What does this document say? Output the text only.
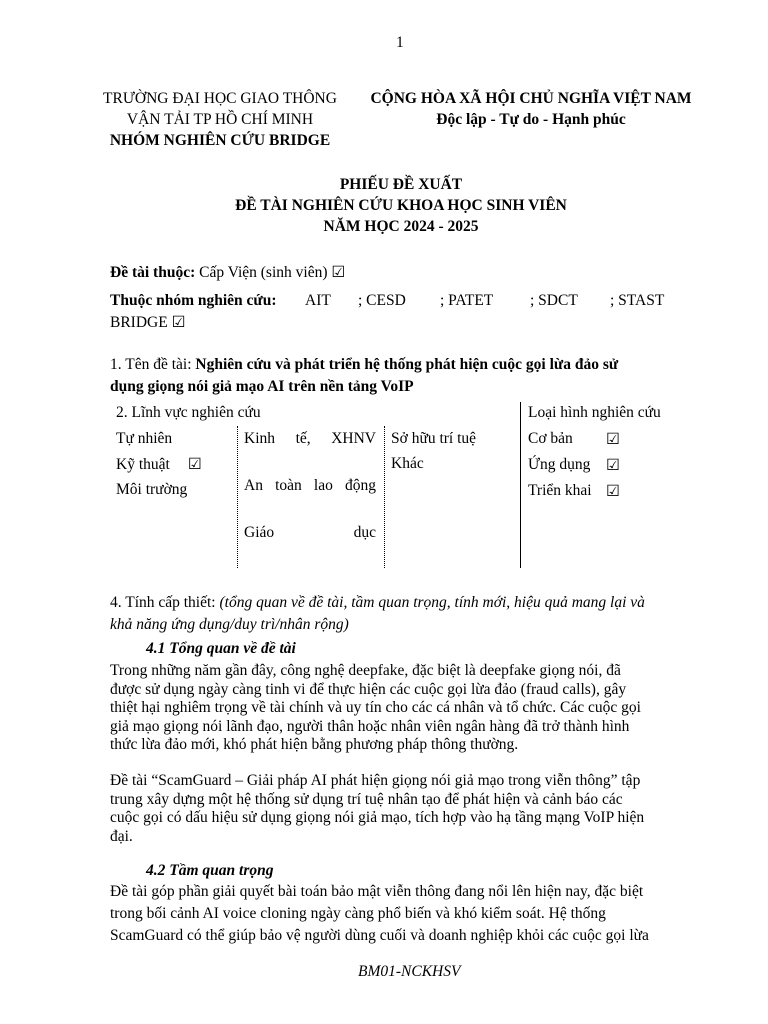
1
TRƯỜNG ĐẠI HỌC GIAO THÔNG
VẬN TẢI TP HỒ CHÍ MINH
NHÓM NGHIÊN CỨU BRIDGE
CỘNG HÒA XÃ HỘI CHỦ NGHĨA VIỆT NAM
Độc lập - Tự do - Hạnh phúc
PHIẾU ĐỀ XUẤT
ĐỀ TÀI NGHIÊN CỨU KHOA HỌC SINH VIÊN
NĂM HỌC 2024 - 2025
Đề tài thuộc: Cấp Viện (sinh viên) ☑
Thuộc nhóm nghiên cứu: AIT ; CESD ; PATET ; SDCT ; STAST
BRIDGE ☑
1. Tên đề tài: Nghiên cứu và phát triển hệ thống phát hiện cuộc gọi lừa đảo sử
dụng giọng nói giả mạo AI trên nền tảng VoIP
2. Lĩnh vực nghiên cứu	Loại hình nghiên cứu
Tự nhiên
Kỹ thuật ☑
Môi trường
Kinh tế, XHNV
An toàn lao động
Giáo	dục
Sở hữu trí tuệ
Khác
Cơ bản ☑
Ứng dụng ☑
Triển khai ☑
4. Tính cấp thiết: (tổng quan về đề tài, tầm quan trọng, tính mới, hiệu quả mang lại và
khả năng ứng dụng/duy trì/nhân rộng)
4.1 Tổng quan về đề tài
Trong những năm gần đây, công nghệ deepfake, đặc biệt là deepfake giọng nói, đã
được sử dụng ngày càng tinh vi để thực hiện các cuộc gọi lừa đảo (fraud calls), gây
thiệt hại nghiêm trọng về tài chính và uy tín cho các cá nhân và tổ chức. Các cuộc gọi
giả mạo giọng nói lãnh đạo, người thân hoặc nhân viên ngân hàng đã trở thành hình
thức lừa đảo mới, khó phát hiện bằng phương pháp thông thường.
Đề tài “ScamGuard – Giải pháp AI phát hiện giọng nói giả mạo trong viễn thông” tập
trung xây dựng một hệ thống sử dụng trí tuệ nhân tạo để phát hiện và cảnh báo các
cuộc gọi có dấu hiệu sử dụng giọng nói giả mạo, tích hợp vào hạ tầng mạng VoIP hiện
đại.
4.2 Tầm quan trọng
Đề tài góp phần giải quyết bài toán bảo mật viễn thông đang nổi lên hiện nay, đặc biệt
trong bối cảnh AI voice cloning ngày càng phổ biến và khó kiểm soát. Hệ thống
ScamGuard có thể giúp bảo vệ người dùng cuối và doanh nghiệp khỏi các cuộc gọi lừa
BM01-NCKHSV
